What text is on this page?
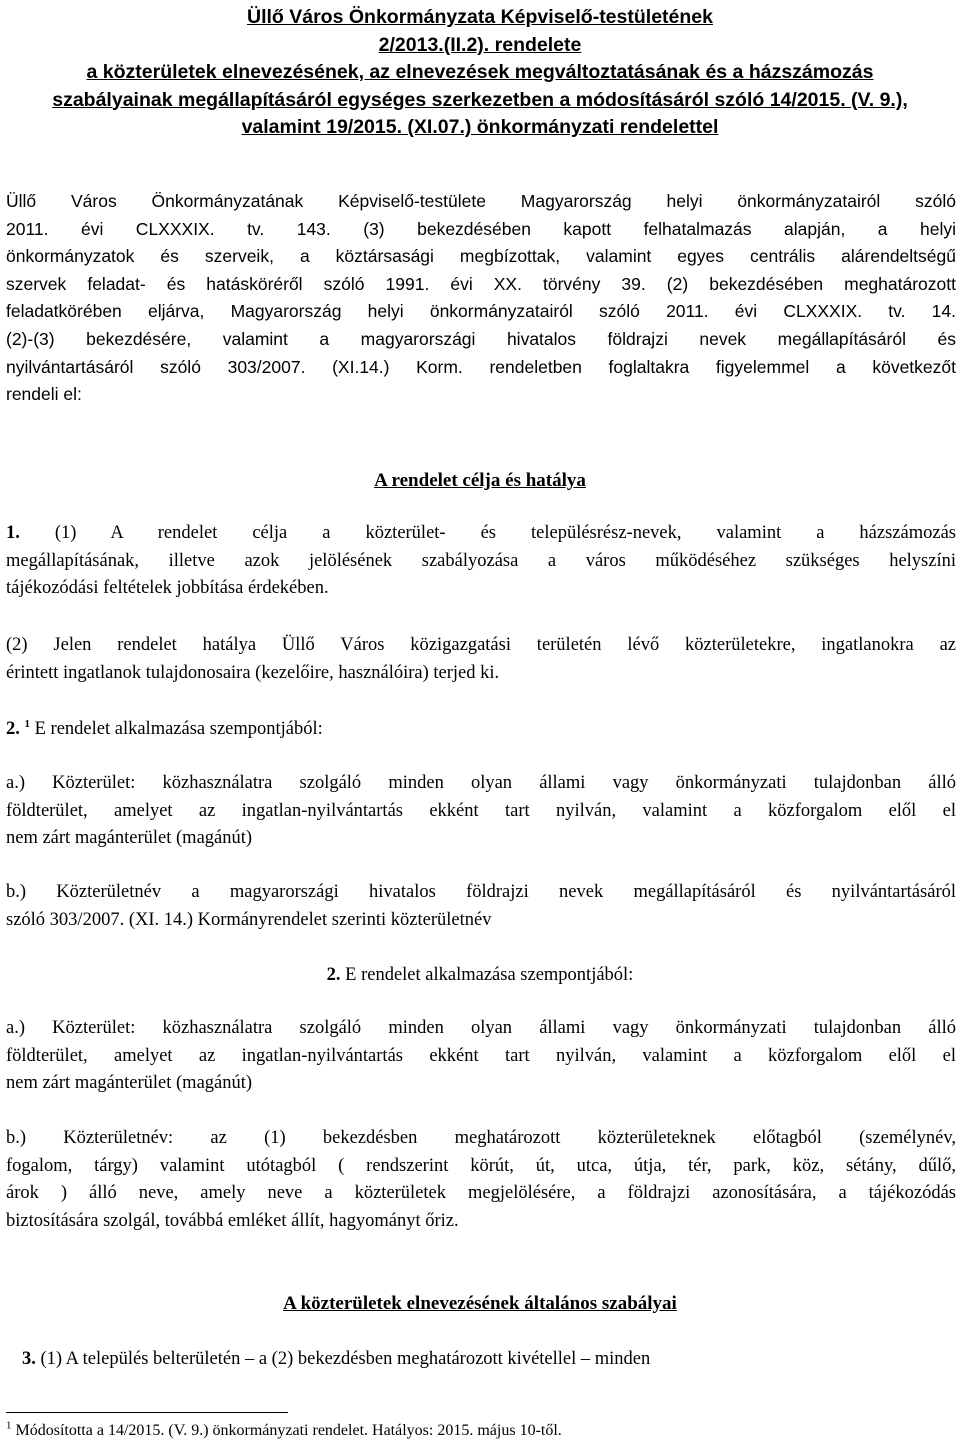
Üllő Város Önkormányzata Képviselő-testületének
2/2013.(II.2). rendelete
a közterületek elnevezésének, az elnevezések megváltoztatásának és a házszámozás
szabályainak megállapításáról egységes szerkezetben a módosításáról szóló 14/2015. (V. 9.),
valamint 19/2015. (XI.07.) önkormányzati rendelettel
Üllő Város Önkormányzatának Képviselő-testülete Magyarország helyi önkormányzatairól szóló
2011. évi CLXXXIX. tv. 143. (3) bekezdésében kapott felhatalmazás alapján, a helyi
önkormányzatok és szerveik, a köztársasági megbízottak, valamint egyes centrális alárendeltségű
szervek feladat- és hatásköréről szóló 1991. évi XX. törvény 39. (2) bekezdésében meghatározott
feladatkörében eljárva, Magyarország helyi önkormányzatairól szóló 2011. évi CLXXXIX. tv. 14.
(2)-(3) bekezdésére, valamint a magyarországi hivatalos földrajzi nevek megállapításáról és
nyilvántartásáról szóló 303/2007. (XI.14.) Korm. rendeletben foglaltakra figyelemmel a következőt
rendeli el:
A rendelet célja és hatálya
1. (1) A rendelet célja a közterület- és településrész-nevek, valamint a házszámozás
megállapításának, illetve azok jelölésének szabályozása a város működéséhez szükséges helyszíni
tájékozódási feltételek jobbítása érdekében.
(2) Jelen rendelet hatálya Üllő Város közigazgatási területén lévő közterületekre, ingatlanokra az
érintett ingatlanok tulajdonosaira (kezelőire, használóira) terjed ki.
2. $^1$ E rendelet alkalmazása szempontjából:
a.) Közterület: közhasználatra szolgáló minden olyan állami vagy önkormányzati tulajdonban álló
földterület, amelyet az ingatlan-nyilvántartás ekként tart nyilván, valamint a közforgalom elől el
nem zárt magánterület (magánút)
b.) Közterületnév a magyarországi hivatalos földrajzi nevek megállapításáról és nyilvántartásáról
szóló 303/2007. (XI. 14.) Kormányrendelet szerinti közterületnév
2. E rendelet alkalmazása szempontjából:
a.) Közterület: közhasználatra szolgáló minden olyan állami vagy önkormányzati tulajdonban álló
földterület, amelyet az ingatlan-nyilvántartás ekként tart nyilván, valamint a közforgalom elől el
nem zárt magánterület (magánút)
b.) Közterületnév: az (1) bekezdésben meghatározott közterületeknek előtagból (személynév,
fogalom, tárgy) valamint utótagból ( rendszerint körút, út, utca, útja, tér, park, köz, sétány, dűlő,
árok ) álló neve, amely neve a közterületek megjelölésére, a földrajzi azonosítására, a tájékozódás
biztosítására szolgál, továbbá emléket állít, hagyományt őriz.
A közterületek elnevezésének általános szabályai
3. (1) A település belterületén – a (2) bekezdésben meghatározott kivétellel – minden
$^1$ Módosította a 14/2015. (V. 9.) önkormányzati rendelet. Hatályos: 2015. május 10-től.
